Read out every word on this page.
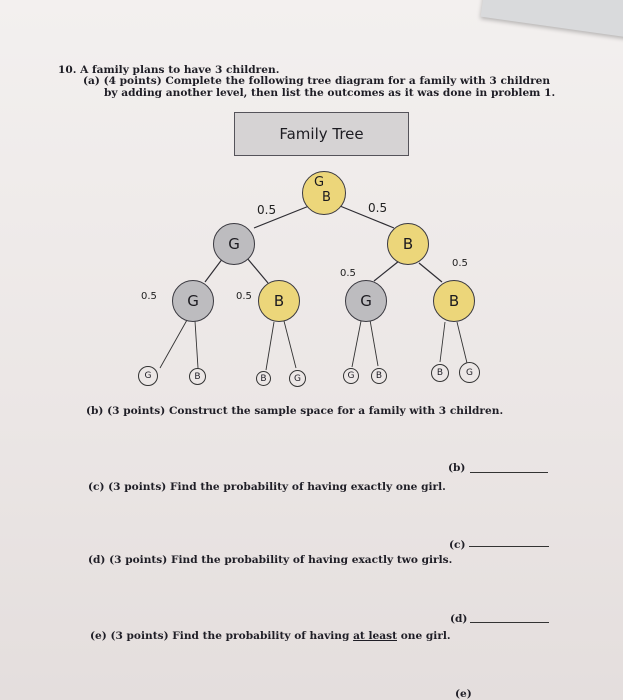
10. A family plans to have 3 children.
(a) (4 points) Complete the following tree diagram for a family with 3 children
by adding another level, then list the outcomes as it was done in problem 1.
Family Tree
G
B
0.5	0.5
G	B
0.5	0.5
0.5
0.5
G	B	G	B
G	B	B	G	G	B	B	G
(b) (3 points) Construct the sample space for a family with 3 children.
(b)
(c) (3 points) Find the probability of having exactly one girl.
(c)
(d) (3 points) Find the probability of having exactly two girls.
(d)
(e) (3 points) Find the probability of having at least one girl.
(e)
